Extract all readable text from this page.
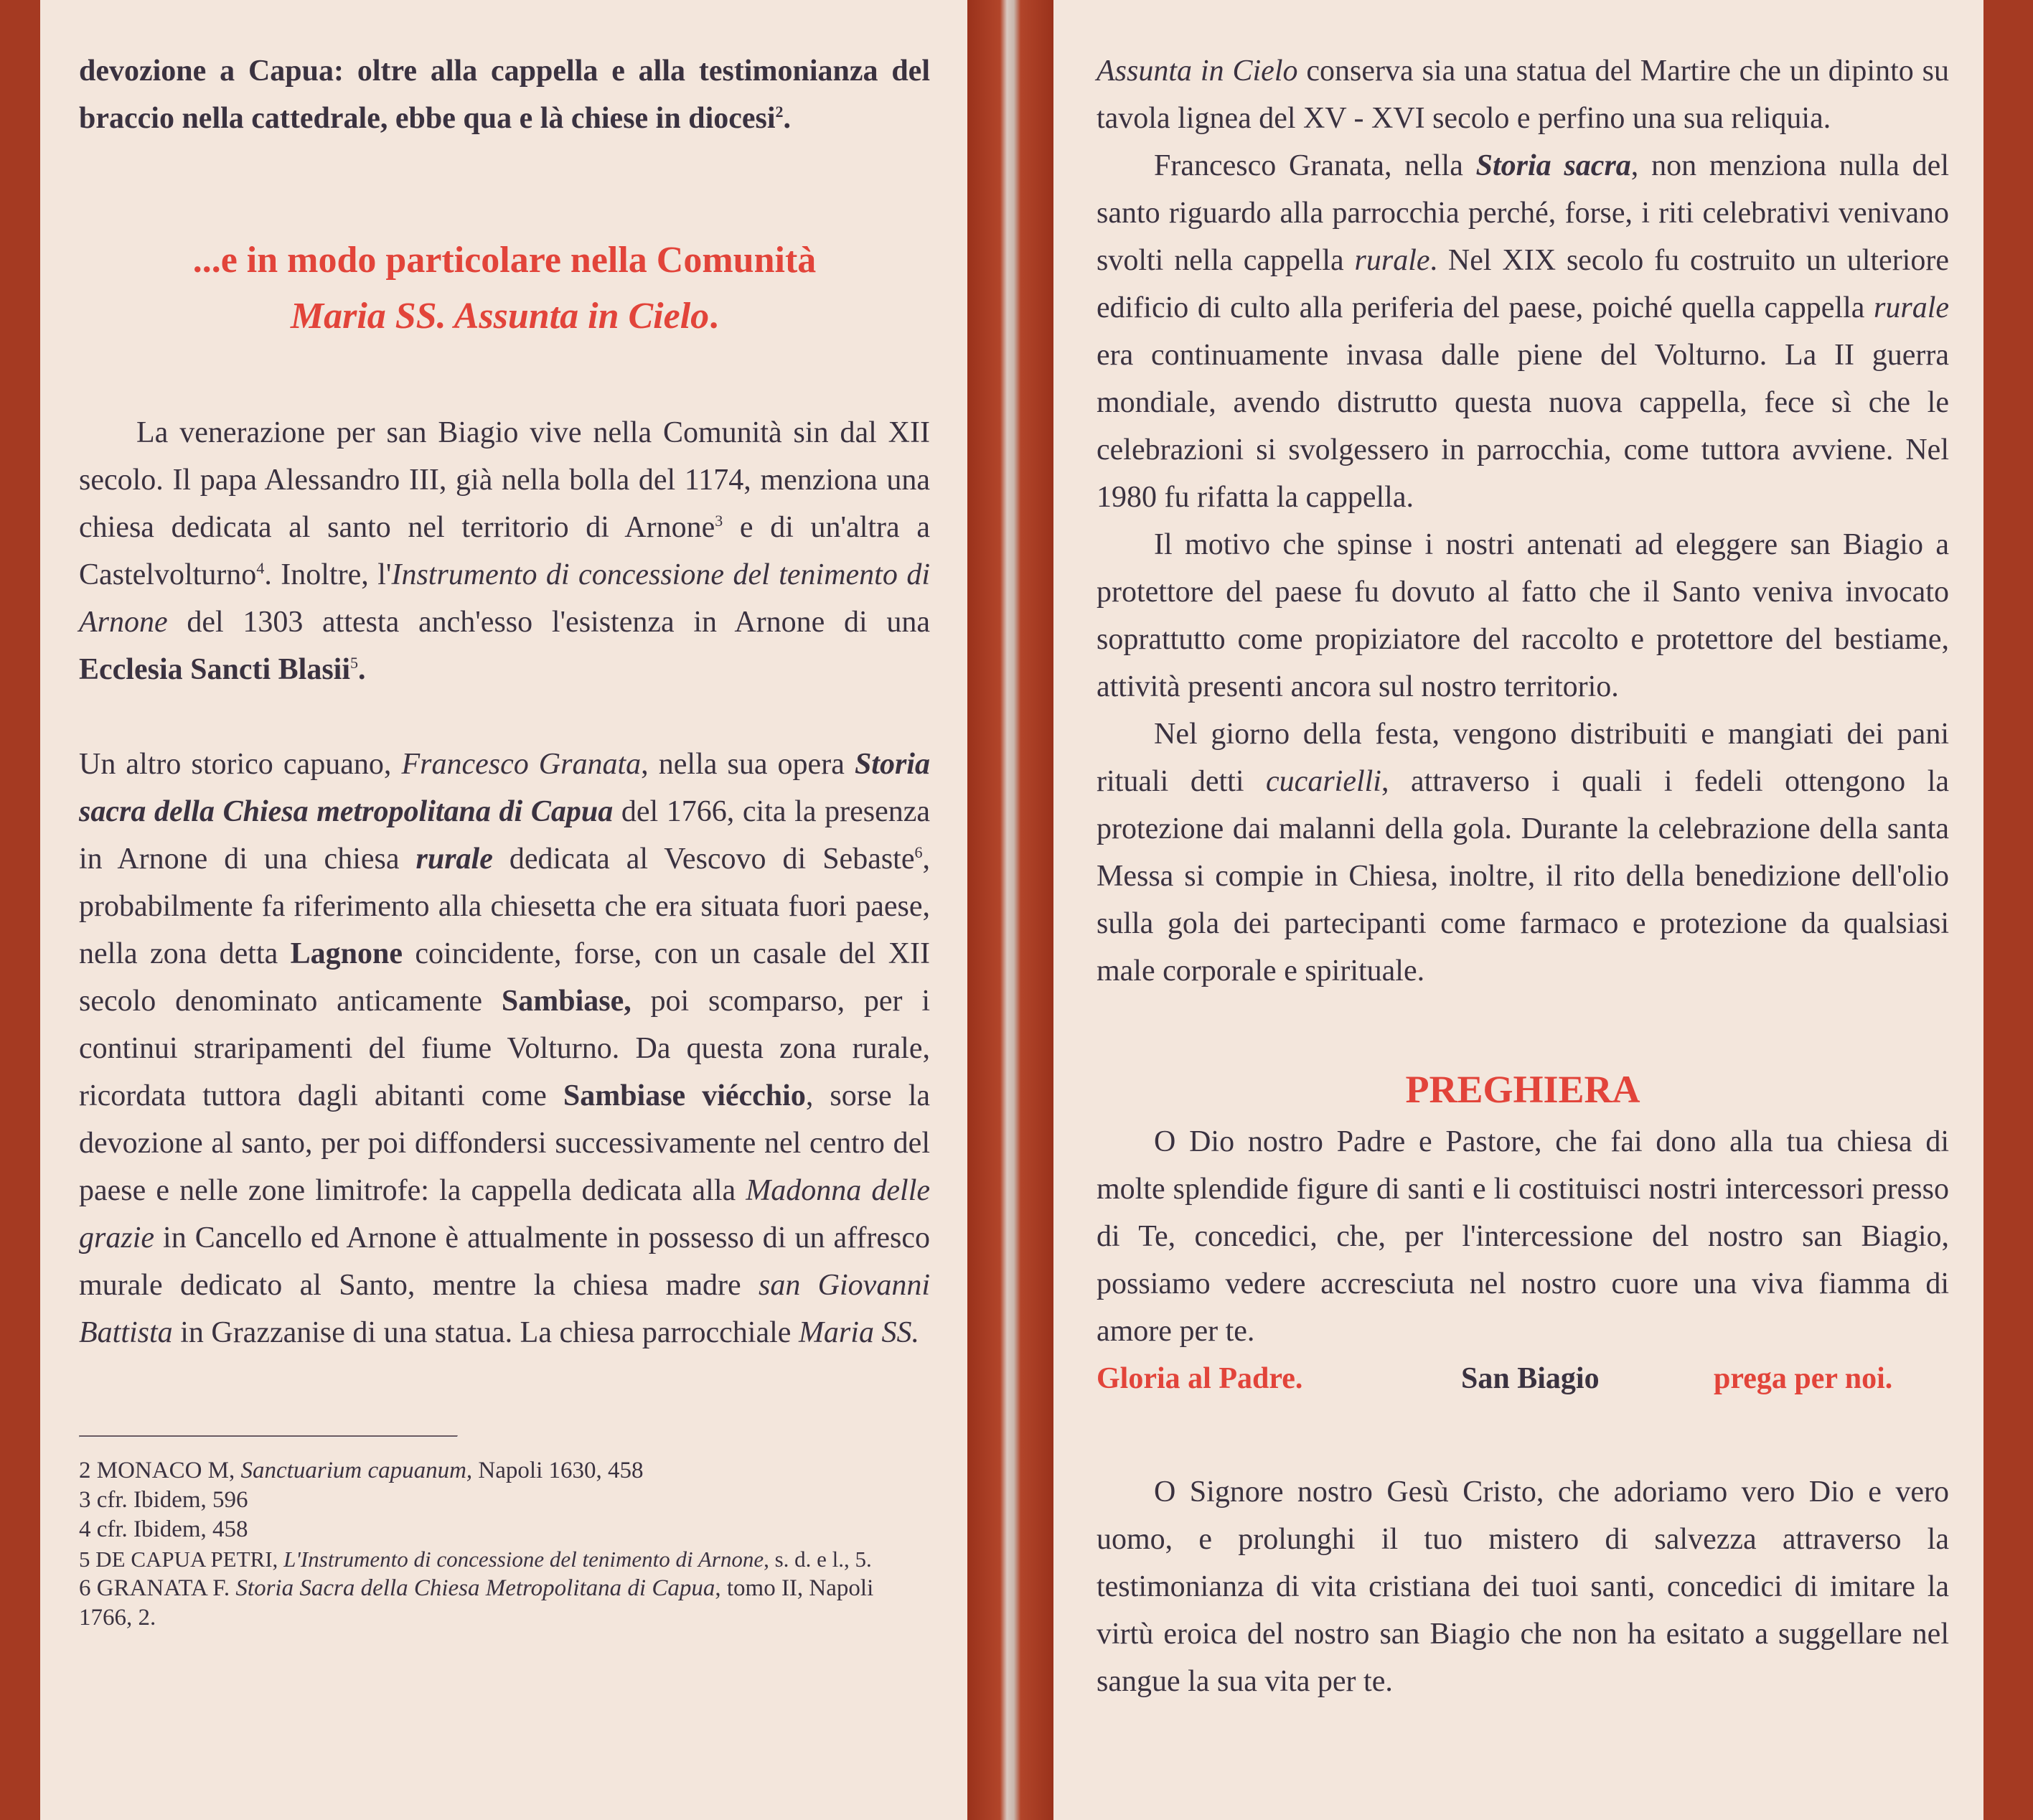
devozione a Capua: oltre alla cappella e alla testimonianza del braccio nella cattedrale, ebbe qua e là chiese in diocesi$^2$.

...e in modo particolare nella Comunità
Maria SS. Assunta in Cielo.

La venerazione per san Biagio vive nella Comunità sin dal XII secolo. Il papa Alessandro III, già nella bolla del 1174, menziona una chiesa dedicata al santo nel territorio di Arnone$^3$ e di un'altra a Castelvolturno$^4$. Inoltre, l'Instrumento di concessione del tenimento di Arnone del 1303 attesta anch'esso l'esistenza in Arnone di una Ecclesia Sancti Blasii$^5$.

Un altro storico capuano, Francesco Granata, nella sua opera Storia sacra della Chiesa metropolitana di Capua del 1766, cita la presenza in Arnone di una chiesa rurale dedicata al Vescovo di Sebaste$^6$, probabilmente fa riferimento alla chiesetta che era situata fuori paese, nella zona detta Lagnone coincidente, forse, con un casale del XII secolo denominato anticamente Sambiase, poi scomparso, per i continui straripamenti del fiume Volturno. Da questa zona rurale, ricordata tuttora dagli abitanti come Sambiase viécchio, sorse la devozione al santo, per poi diffondersi successivamente nel centro del paese e nelle zone limitrofe: la cappella dedicata alla Madonna delle grazie in Cancello ed Arnone è attualmente in possesso di un affresco murale dedicato al Santo, mentre la chiesa madre san Giovanni Battista in Grazzanise di una statua. La chiesa parrocchiale Maria SS.

2 MONACO M, Sanctuarium capuanum, Napoli 1630, 458
3 cfr. Ibidem, 596
4 cfr. Ibidem, 458
5 DE CAPUA PETRI, L'Instrumento di concessione del tenimento di Arnone, s. d. e l., 5.
6 GRANATA F. Storia Sacra della Chiesa Metropolitana di Capua, tomo II, Napoli 1766, 2.

Assunta in Cielo conserva sia una statua del Martire che un dipinto su tavola lignea del XV - XVI secolo e perfino una sua reliquia.

Francesco Granata, nella Storia sacra, non menziona nulla del santo riguardo alla parrocchia perché, forse, i riti celebrativi venivano svolti nella cappella rurale. Nel XIX secolo fu costruito un ulteriore edificio di culto alla periferia del paese, poiché quella cappella rurale era continuamente invasa dalle piene del Volturno. La II guerra mondiale, avendo distrutto questa nuova cappella, fece sì che le celebrazioni si svolgessero in parrocchia, come tuttora avviene. Nel 1980 fu rifatta la cappella.

Il motivo che spinse i nostri antenati ad eleggere san Biagio a protettore del paese fu dovuto al fatto che il Santo veniva invocato soprattutto come propiziatore del raccolto e protettore del bestiame, attività presenti ancora sul nostro territorio.

Nel giorno della festa, vengono distribuiti e mangiati dei pani rituali detti cucarielli, attraverso i quali i fedeli ottengono la protezione dai malanni della gola. Durante la celebrazione della santa Messa si compie in Chiesa, inoltre, il rito della benedizione dell'olio sulla gola dei partecipanti come farmaco e protezione da qualsiasi male corporale e spirituale.

PREGHIERA

O Dio nostro Padre e Pastore, che fai dono alla tua chiesa di molte splendide figure di santi e li costituisci nostri intercessori presso di Te, concedici, che, per l'intercessione del nostro san Biagio, possiamo vedere accresciuta nel nostro cuore una viva fiamma di amore per te.

Gloria al Padre.	San Biagio	prega per noi.

O Signore nostro Gesù Cristo, che adoriamo vero Dio e vero uomo, e prolunghi il tuo mistero di salvezza attraverso la testimonianza di vita cristiana dei tuoi santi, concedici di imitare la virtù eroica del nostro san Biagio che non ha esitato a suggellare nel sangue la sua vita per te.
